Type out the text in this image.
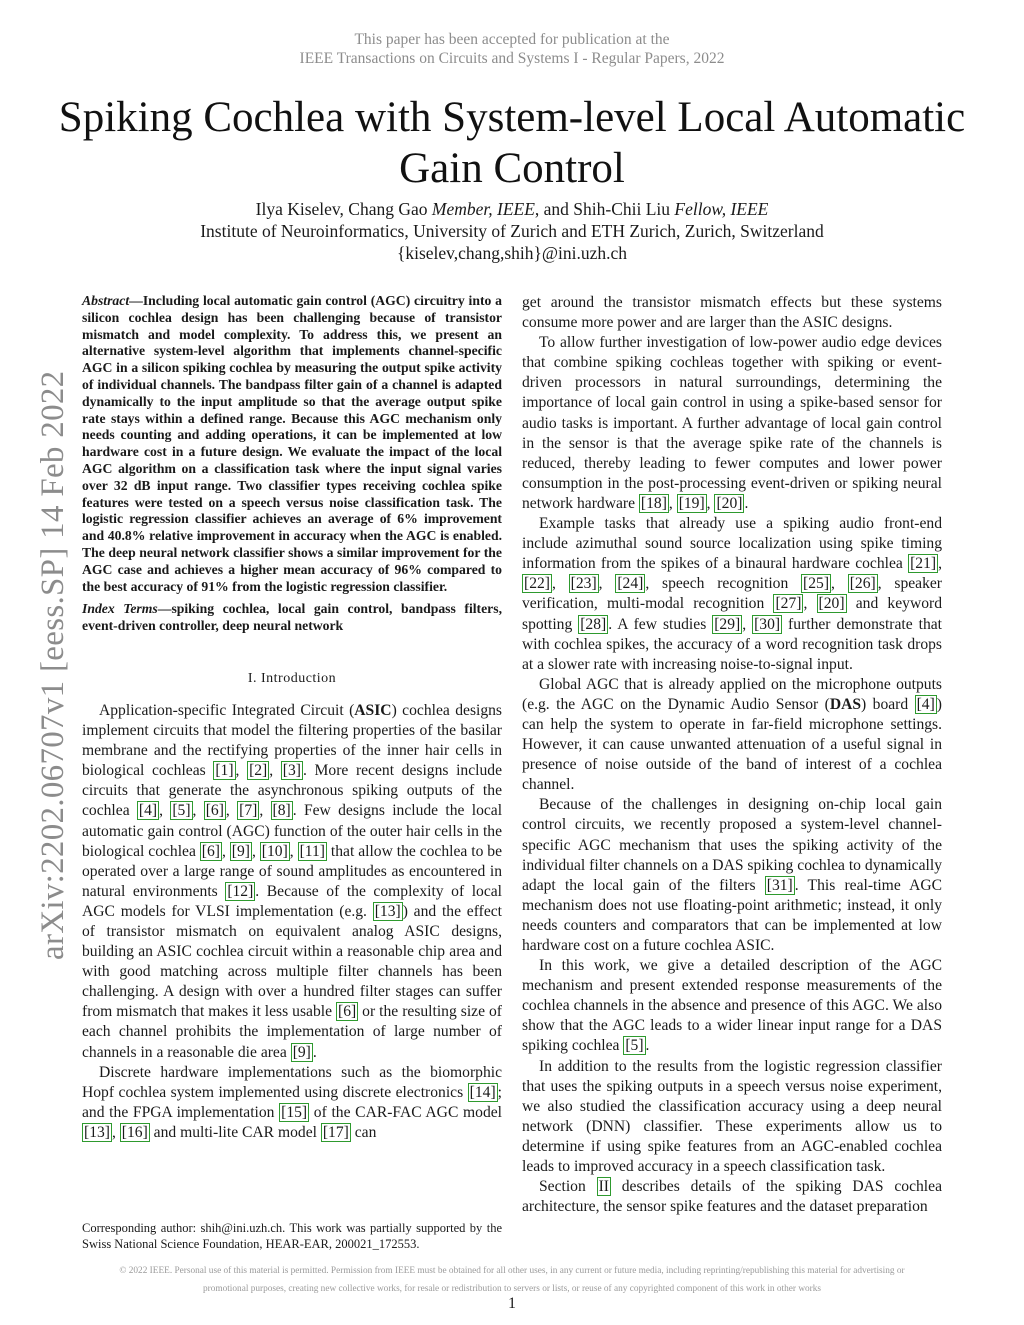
This paper has been accepted for publication at the
IEEE Transactions on Circuits and Systems I - Regular Papers, 2022
Spiking Cochlea with System-level Local Automatic
Gain Control
Ilya Kiselev, Chang Gao Member, IEEE, and Shih-Chii Liu Fellow, IEEE
Institute of Neuroinformatics, University of Zurich and ETH Zurich, Zurich, Switzerland
{kiselev,chang,shih}@ini.uzh.ch
arXiv:2202.06707v1 [eess.SP] 14 Feb 2022

Abstract—Including local automatic gain control (AGC) circuitry into a silicon cochlea design has been challenging because of transistor mismatch and model complexity. To address this, we present an alternative system-level algorithm that implements channel-specific AGC in a silicon spiking cochlea by measuring the output spike activity of individual channels. The bandpass filter gain of a channel is adapted dynamically to the input amplitude so that the average output spike rate stays within a defined range. Because this AGC mechanism only needs counting and adding operations, it can be implemented at low hardware cost in a future design. We evaluate the impact of the local AGC algorithm on a classification task where the input signal varies over 32 dB input range. Two classifier types receiving cochlea spike features were tested on a speech versus noise classification task. The logistic regression classifier achieves an average of 6% improvement and 40.8% relative improvement in accuracy when the AGC is enabled. The deep neural network classifier shows a similar improvement for the AGC case and achieves a higher mean accuracy of 96% compared to the best accuracy of 91% from the logistic regression classifier.

Index Terms—spiking cochlea, local gain control, bandpass filters, event-driven controller, deep neural network

I. Introduction

Application-specific Integrated Circuit (ASIC) cochlea designs implement circuits that model the filtering properties of the basilar membrane and the rectifying properties of the inner hair cells in biological cochleas [1] , [2] , [3] . More recent designs include circuits that generate the asynchronous spiking outputs of the cochlea [4] , [5] , [6] , [7] , [8] . Few designs include the local automatic gain control (AGC) function of the outer hair cells in the biological cochlea [6] , [9] , [10] , [11] that allow the cochlea to be operated over a large range of sound amplitudes as encountered in natural environments [12] . Because of the complexity of local AGC models for VLSI implementation (e.g. [13] ) and the effect of transistor mismatch on equivalent analog ASIC designs, building an ASIC cochlea circuit within a reasonable chip area and with good matching across multiple filter channels has been challenging. A design with over a hundred filter stages can suffer from mismatch that makes it less usable [6] or the resulting size of each channel prohibits the implementation of large number of channels in a reasonable die area [9] .

Discrete hardware implementations such as the biomorphic Hopf cochlea system implemented using discrete electronics [14] ; and the FPGA implementation [15] of the CAR-FAC AGC model [13] , [16] and multi-lite CAR model [17] can

get around the transistor mismatch effects but these systems consume more power and are larger than the ASIC designs.

To allow further investigation of low-power audio edge devices that combine spiking cochleas together with spiking or event-driven processors in natural surroundings, determining the importance of local gain control in using a spike-based sensor for audio tasks is important. A further advantage of local gain control in the sensor is that the average spike rate of the channels is reduced, thereby leading to fewer computes and lower power consumption in the post-processing event-driven or spiking neural network hardware [18] , [19] , [20] .

Example tasks that already use a spiking audio front-end include azimuthal sound source localization using spike timing information from the spikes of a binaural hardware cochlea [21] , [22] , [23] , [24] , speech recognition [25] , [26] , speaker verification, multi-modal recognition [27] , [20] and keyword spotting [28] . A few studies [29] , [30] further demonstrate that with cochlea spikes, the accuracy of a word recognition task drops at a slower rate with increasing noise-to-signal input.

Global AGC that is already applied on the microphone outputs (e.g. the AGC on the Dynamic Audio Sensor (DAS) board [4] ) can help the system to operate in far-field microphone settings. However, it can cause unwanted attenuation of a useful signal in presence of noise outside of the band of interest of a cochlea channel.

Because of the challenges in designing on-chip local gain control circuits, we recently proposed a system-level channel-specific AGC mechanism that uses the spiking activity of the individual filter channels on a DAS spiking cochlea to dynamically adapt the local gain of the filters [31] . This real-time AGC mechanism does not use floating-point arithmetic; instead, it only needs counters and comparators that can be implemented at low hardware cost on a future cochlea ASIC.

In this work, we give a detailed description of the AGC mechanism and present extended response measurements of the cochlea channels in the absence and presence of this AGC. We also show that the AGC leads to a wider linear input range for a DAS spiking cochlea [5] .

In addition to the results from the logistic regression classifier that uses the spiking outputs in a speech versus noise experiment, we also studied the classification accuracy using a deep neural network (DNN) classifier. These experiments allow us to determine if using spike features from an AGC-enabled cochlea leads to improved accuracy in a speech classification task.

Section II describes details of the spiking DAS cochlea architecture, the sensor spike features and the dataset preparation

Corresponding author: shih@ini.uzh.ch. This work was partially supported by the Swiss National Science Foundation, HEAR-EAR, 200021_172553.
© 2022 IEEE. Personal use of this material is permitted. Permission from IEEE must be obtained for all other uses, in any current or future media, including reprinting/republishing this material for advertising or
promotional purposes, creating new collective works, for resale or redistribution to servers or lists, or reuse of any copyrighted component of this work in other works
1
